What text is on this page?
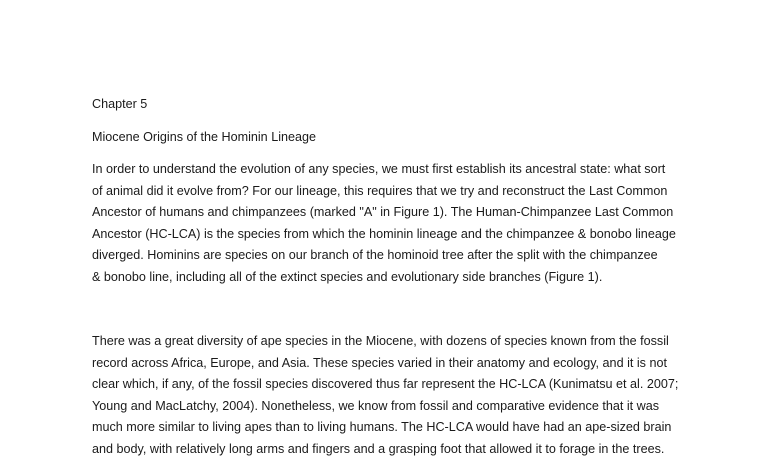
Chapter 5
Miocene Origins of the Hominin Lineage

In order to understand the evolution of any species, we must first establish its ancestral state: what sort
of animal did it evolve from? For our lineage, this requires that we try and reconstruct the Last Common
Ancestor of humans and chimpanzees (marked "A" in Figure 1). The Human-Chimpanzee Last Common
Ancestor (HC-LCA) is the species from which the hominin lineage and the chimpanzee & bonobo lineage
diverged. Hominins are species on our branch of the hominoid tree after the split with the chimpanzee
& bonobo line, including all of the extinct species and evolutionary side branches (Figure 1).

There was a great diversity of ape species in the Miocene, with dozens of species known from the fossil
record across Africa, Europe, and Asia. These species varied in their anatomy and ecology, and it is not
clear which, if any, of the fossil species discovered thus far represent the HC-LCA (Kunimatsu et al. 2007;
Young and MacLatchy, 2004). Nonetheless, we know from fossil and comparative evidence that it was
much more similar to living apes than to living humans. The HC-LCA would have had an ape-sized brain
and body, with relatively long arms and fingers and a grasping foot that allowed it to forage in the trees.
